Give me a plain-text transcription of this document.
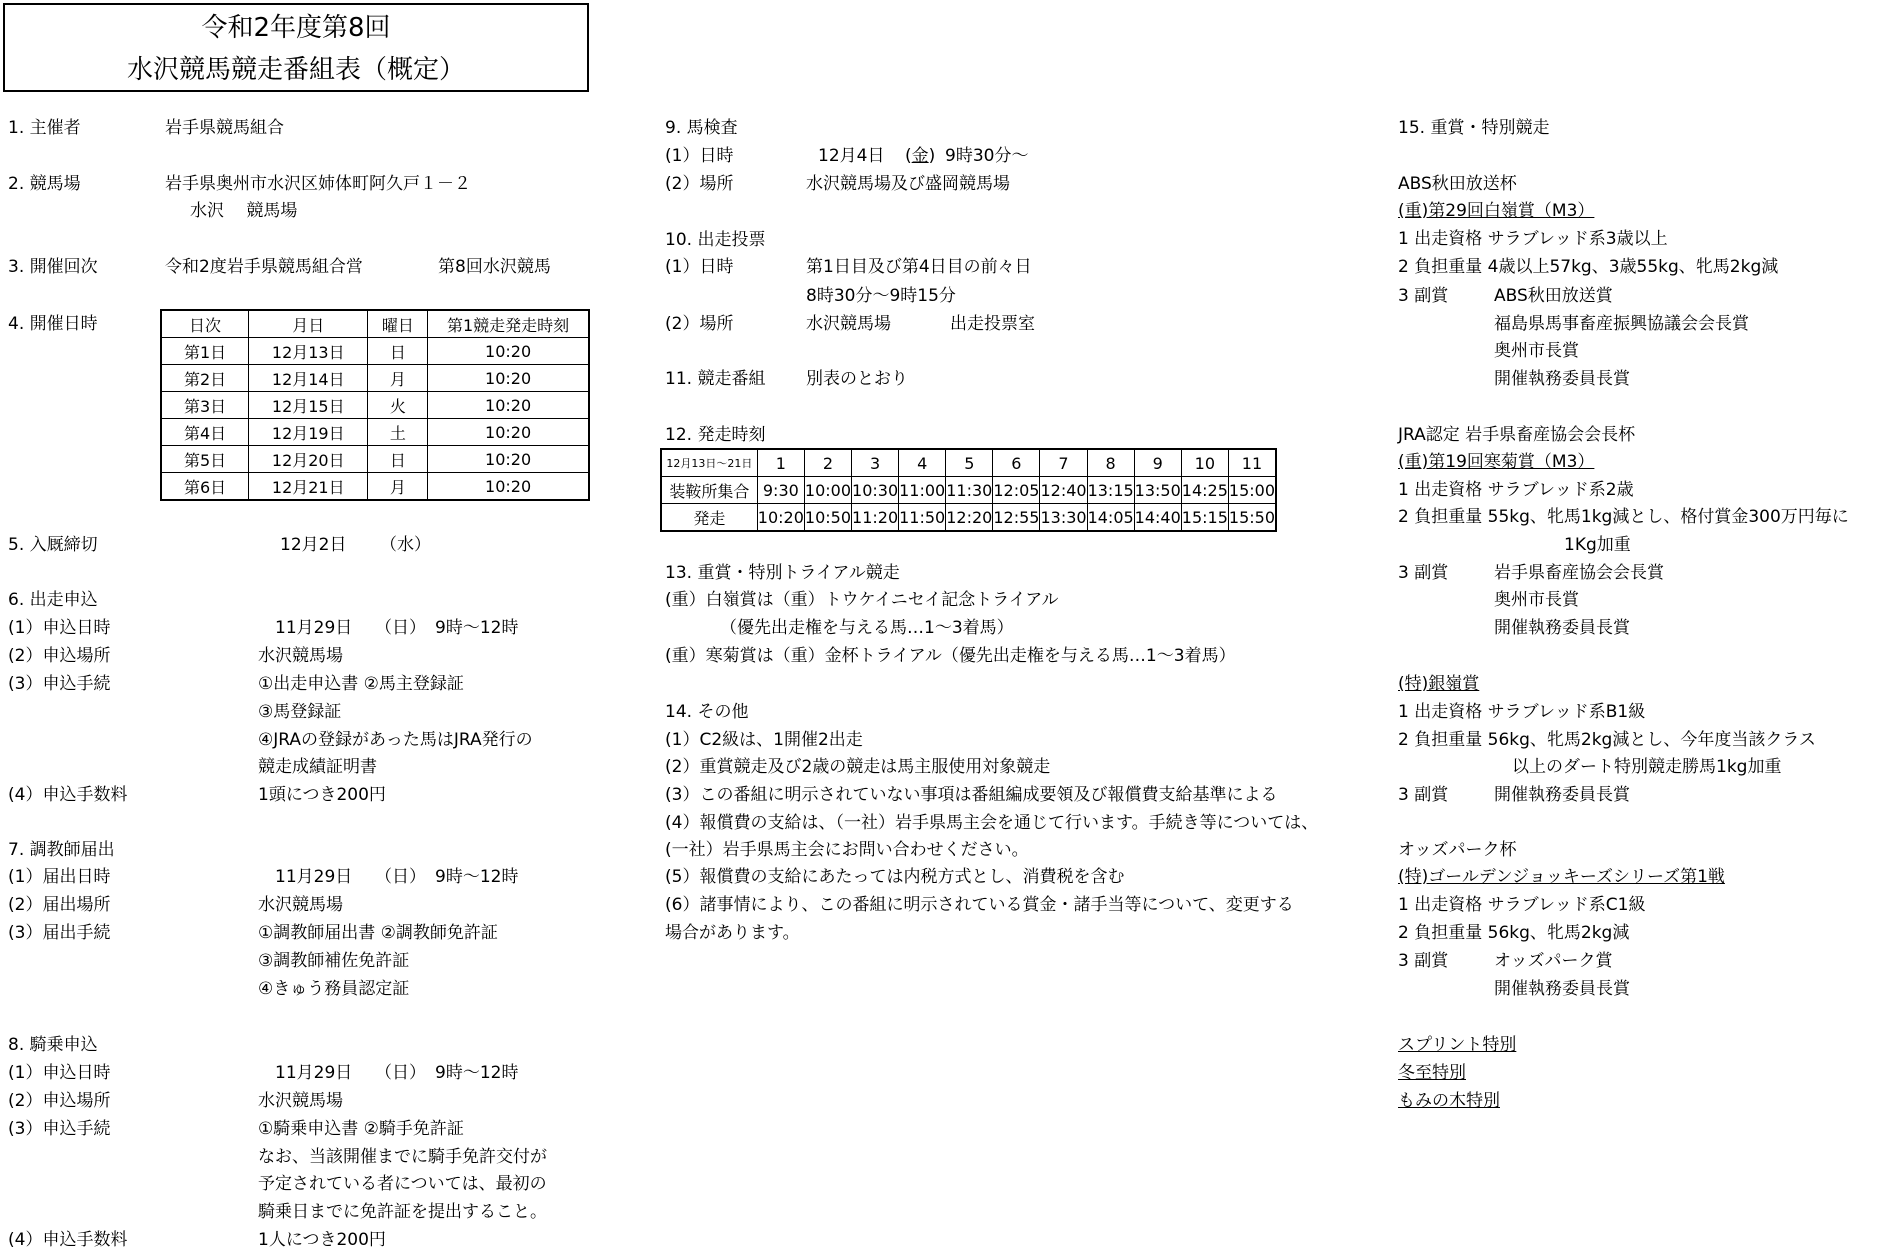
令和2年度第8回
水沢競馬競走番組表（概定）
1. 主催者	岩手県競馬組合
2. 競馬場	岩手県奥州市水沢区姉体町阿久戸１－２
水沢　 競馬場
3. 開催回次	令和2度岩手県競馬組合営	第8回水沢競馬
4. 開催日時	日次	月日	曜日	第1競走発走時刻
第1日	12月13日	日	10:20
第2日	12月14日	月	10:20
第3日	12月15日	火	10:20
第4日	12月19日	土	10:20
第5日	12月20日	日	10:20
第6日	12月21日	月	10:20
5. 入厩締切	12月2日 （水）
6. 出走申込
(1）申込日時	11月29日 （日） 9時～12時
(2）申込場所	水沢競馬場
(3）申込手続	①出走申込書 ②馬主登録証
③馬登録証
④JRAの登録があった馬はJRA発行の
競走成績証明書
(4）申込手数料	1頭につき200円
7. 調教師届出
(1）届出日時	11月29日 （日） 9時～12時
(2）届出場所	水沢競馬場
(3）届出手続	①調教師届出書 ②調教師免許証
③調教師補佐免許証
④きゅう務員認定証
8. 騎乗申込
(1）申込日時	11月29日 （日） 9時～12時
(2）申込場所	水沢競馬場
(3）申込手続	①騎乗申込書 ②騎手免許証
なお、当該開催までに騎手免許交付が
予定されている者については、最初の
騎乗日までに免許証を提出すること。
(4）申込手数料	1人につき200円
9. 馬検査
(1）日時	12月4日 (金) 9時30分～
(2）場所	水沢競馬場及び盛岡競馬場
10. 出走投票
(1）日時	第1日目及び第4日目の前々日
8時30分～9時15分
(2）場所	水沢競馬場	出走投票室
11. 競走番組 別表のとおり
12. 発走時刻
12月13日～21日	1	2	3	4	5	6	7	8	9	10	11
装鞍所集合	9:30	10:00	10:30	11:00	11:30	12:05	12:40	13:15	13:50	14:25	15:00
発走	10:20	10:50	11:20	11:50	12:20	12:55	13:30	14:05	14:40	15:15	15:50
13. 重賞・特別トライアル競走
(重）白嶺賞は（重）トウケイニセイ記念トライアル
（優先出走権を与える馬…1～3着馬）
(重）寒菊賞は（重）金杯トライアル（優先出走権を与える馬…1～3着馬）
14. その他
(1）C2級は、1開催2出走
(2）重賞競走及び2歳の競走は馬主服使用対象競走
(3）この番組に明示されていない事項は番組編成要領及び報償費支給基準による
(4）報償費の支給は、（一社）岩手県馬主会を通じて行います。手続き等については、
(一社）岩手県馬主会にお問い合わせください。
(5）報償費の支給にあたっては内税方式とし、消費税を含む
(6）諸事情により、この番組に明示されている賞金・諸手当等について、変更する
場合があります。
15. 重賞・特別競走
ABS秋田放送杯
(重)第29回白嶺賞（M3）
1 出走資格 サラブレッド系3歳以上
2 負担重量 4歳以上57kg、3歳55kg、牝馬2kg減
3 副賞	ABS秋田放送賞
福島県馬事畜産振興協議会会長賞
奥州市長賞
開催執務委員長賞
JRA認定 岩手県畜産協会会長杯
(重)第19回寒菊賞（M3）
1 出走資格 サラブレッド系2歳
2 負担重量 55kg、牝馬1kg減とし、格付賞金300万円毎に
1Kg加重
3 副賞	岩手県畜産協会会長賞
奥州市長賞
開催執務委員長賞
(特)銀嶺賞
1 出走資格 サラブレッド系B1級
2 負担重量 56kg、牝馬2kg減とし、今年度当該クラス
以上のダート特別競走勝馬1kg加重
3 副賞	開催執務委員長賞
オッズパーク杯
(特)ゴールデンジョッキーズシリーズ第1戦
1 出走資格 サラブレッド系C1級
2 負担重量 56kg、牝馬2kg減
3 副賞	オッズパーク賞
開催執務委員長賞
スプリント特別
冬至特別
もみの木特別
